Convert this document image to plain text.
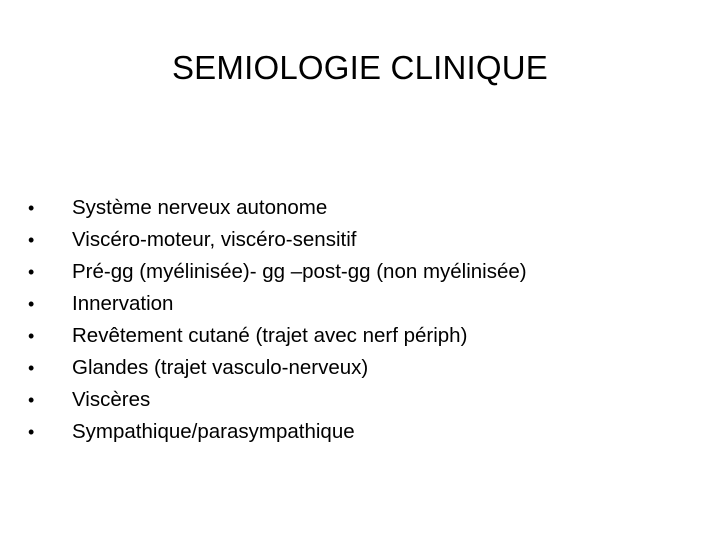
SEMIOLOGIE CLINIQUE
•	Système nerveux autonome
•	Viscéro-moteur, viscéro-sensitif
•	Pré-gg (myélinisée)- gg –post-gg (non myélinisée)
•	Innervation
•	Revêtement cutané (trajet avec nerf périph)
•	Glandes (trajet vasculo-nerveux)
•	Viscères
•	Sympathique/parasympathique
